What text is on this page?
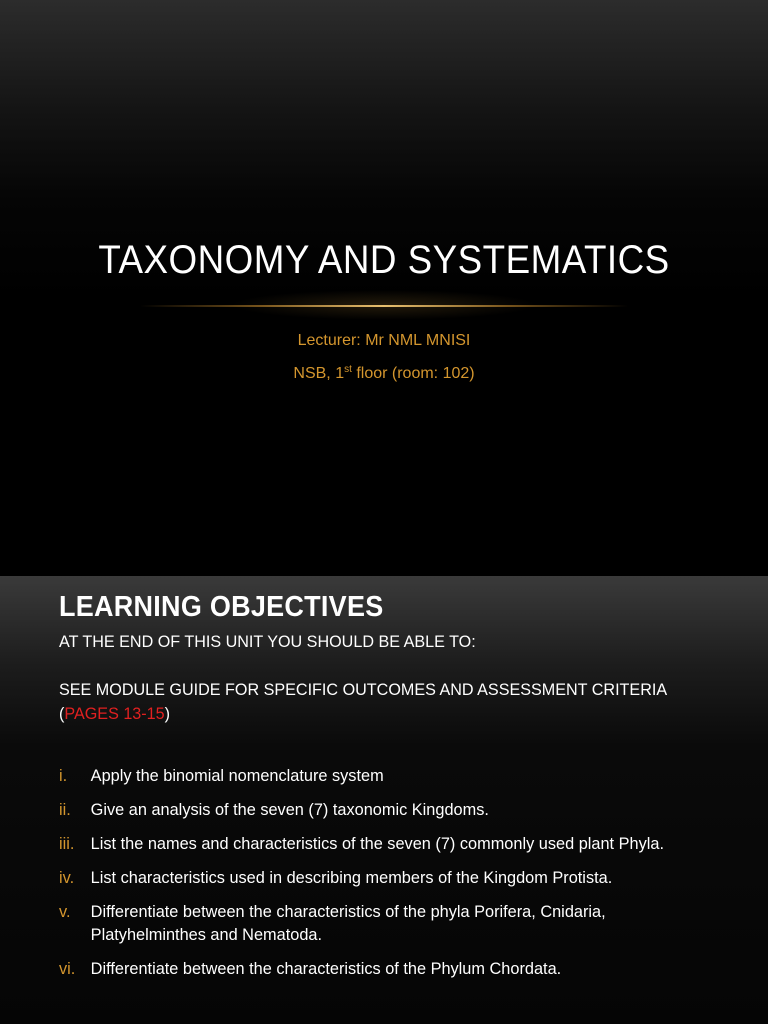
TAXONOMY AND SYSTEMATICS
Lecturer: Mr NML MNISI
NSB, 1st floor (room: 102)
LEARNING OBJECTIVES
AT THE END OF THIS UNIT YOU SHOULD BE ABLE TO:
SEE MODULE GUIDE FOR SPECIFIC OUTCOMES AND ASSESSMENT CRITERIA
(PAGES 13-15)
i. Apply the binomial nomenclature system
ii. Give an analysis of the seven (7) taxonomic Kingdoms.
iii. List the names and characteristics of the seven (7) commonly used plant Phyla.
iv. List characteristics used in describing members of the Kingdom Protista.
v. Differentiate between the characteristics of the phyla Porifera, Cnidaria, Platyhelminthes and Nematoda.
vi. Differentiate between the characteristics of the Phylum Chordata.
